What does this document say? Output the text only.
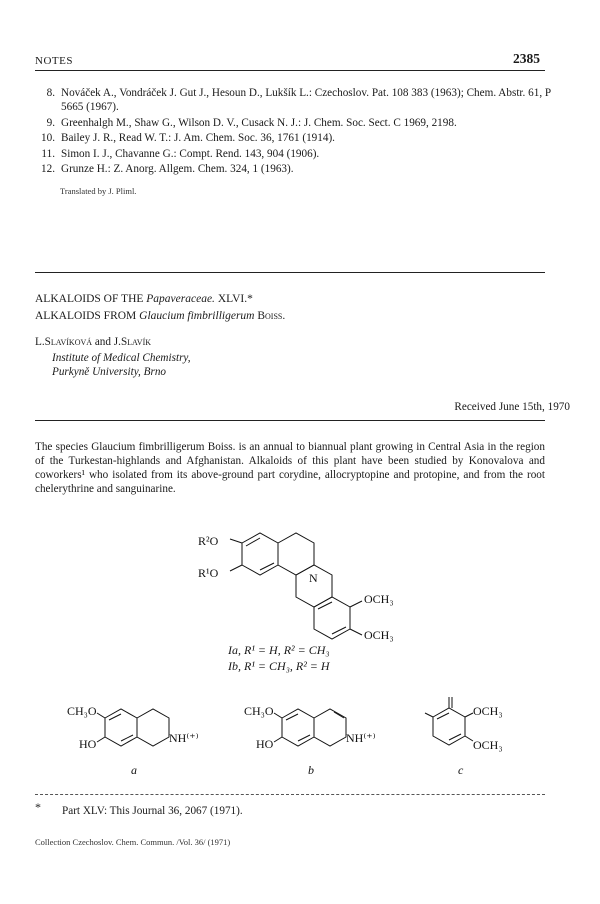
NOTES	2385
8. Nováček A., Vondráček J. Gut J., Hesoun D., Lukšík L.: Czechoslov. Pat. 108 383 (1963); Chem. Abstr. 61, P 5665 (1967).
9. Greenhalgh M., Shaw G., Wilson D. V., Cusack N. J.: J. Chem. Soc. Sect. C 1969, 2198.
10. Bailey J. R., Read W. T.: J. Am. Chem. Soc. 36, 1761 (1914).
11. Simon I. J., Chavanne G.: Compt. Rend. 143, 904 (1906).
12. Grunze H.: Z. Anorg. Allgem. Chem. 324, 1 (1963).
Translated by J. Pliml.
ALKALOIDS OF THE Papaveraceae. XLVI.*
ALKALOIDS FROM Glaucium fimbrilligerum Boiss.
L.Slavíková and J.Slavík
Institute of Medical Chemistry,
Purkyně University, Brno
Received June 15th, 1970
The species Glaucium fimbrilligerum Boiss. is an annual to biannual plant growing in Central Asia in the region of the Turkestan-highlands and Afghanistan. Alkaloids of this plant have been studied by Konovalova and coworkers¹ who isolated from its above-ground part corydine, allocryptopine and protopine, and from the root chelerythrine and sanguinarine.
R²O
R¹O	N
OCH₃
OCH₃
Ia, R¹ = H, R² = CH₃
Ib, R¹ = CH₃, R² = H
CH₃O
HO	NH⁽⁺⁾
a
CH₃O
HO	NH⁽⁺⁾
b
OCH₃
OCH₃
c
* Part XLV: This Journal 36, 2067 (1971).
Collection Czechoslov. Chem. Commun. /Vol. 36/ (1971)
